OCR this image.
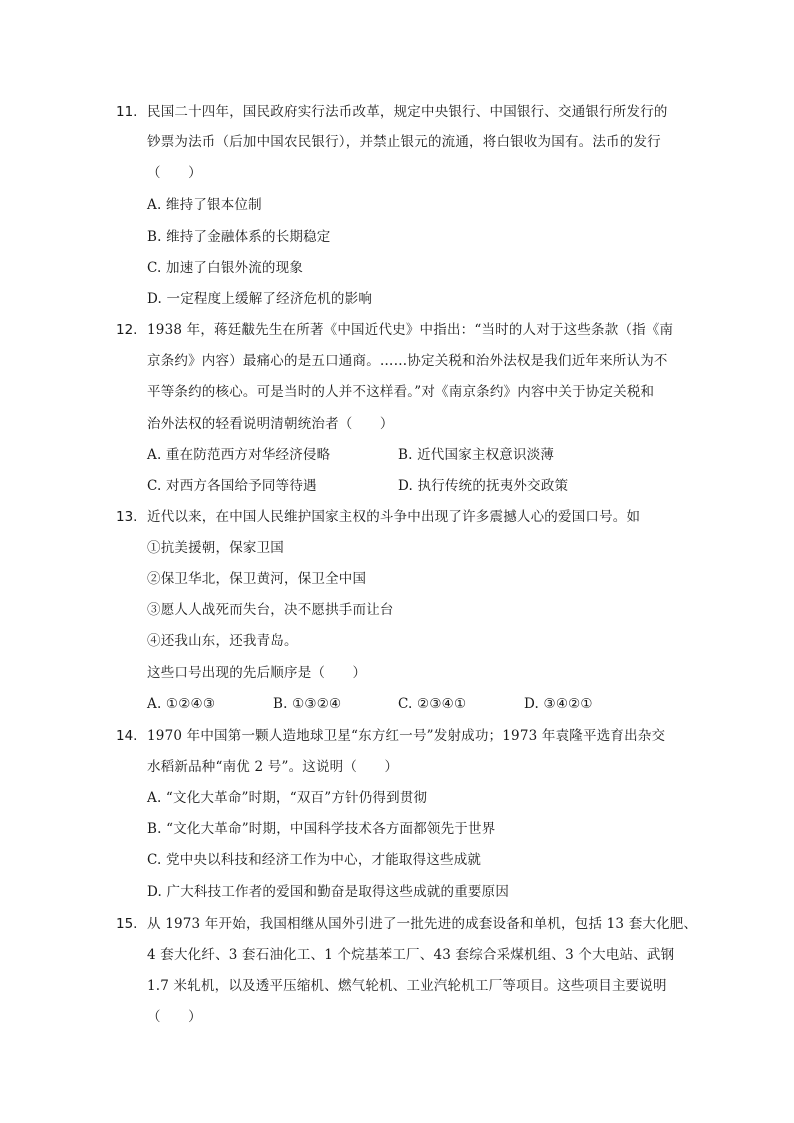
11. 民国二十四年，国民政府实行法币改革，规定中央银行、中国银行、交通银行所发行的
钞票为法币（后加中国农民银行），并禁止银元的流通，将白银收为国有。法币的发行
（　　）
A. 维持了银本位制
B. 维持了金融体系的长期稳定
C. 加速了白银外流的现象
D. 一定程度上缓解了经济危机的影响
12. 1938 年，蒋廷黻先生在所著《中国近代史》中指出：“当时的人对于这些条款（指《南
京条约》内容）最痛心的是五口通商。……协定关税和治外法权是我们近年来所认为不
平等条约的核心。可是当时的人并不这样看。”对《南京条约》内容中关于协定关税和
治外法权的轻看说明清朝统治者（　　）
A. 重在防范西方对华经济侵略	B. 近代国家主权意识淡薄
C. 对西方各国给予同等待遇	D. 执行传统的抚夷外交政策
13. 近代以来，在中国人民维护国家主权的斗争中出现了许多震撼人心的爱国口号。如
①抗美援朝，保家卫国
②保卫华北，保卫黄河，保卫全中国
③愿人人战死而失台，决不愿拱手而让台
④还我山东，还我青岛。
这些口号出现的先后顺序是（　　）
A. ①②④③	B. ①③②④	C. ②③④①	D. ③④②①
14. 1970 年中国第一颗人造地球卫星“东方红一号”发射成功；1973 年袁隆平选育出杂交
水稻新品种“南优 2 号”。这说明（　　）
A. “文化大革命”时期，“双百”方针仍得到贯彻
B. “文化大革命”时期，中国科学技术各方面都领先于世界
C. 党中央以科技和经济工作为中心，才能取得这些成就
D. 广大科技工作者的爱国和勤奋是取得这些成就的重要原因
15. 从 1973 年开始，我国相继从国外引进了一批先进的成套设备和单机，包括 13 套大化肥、
4 套大化纤、3 套石油化工、1 个烷基苯工厂、43 套综合采煤机组、3 个大电站、武钢
1.7 米轧机，以及透平压缩机、燃气轮机、工业汽轮机工厂等项目。这些项目主要说明
（　　）
